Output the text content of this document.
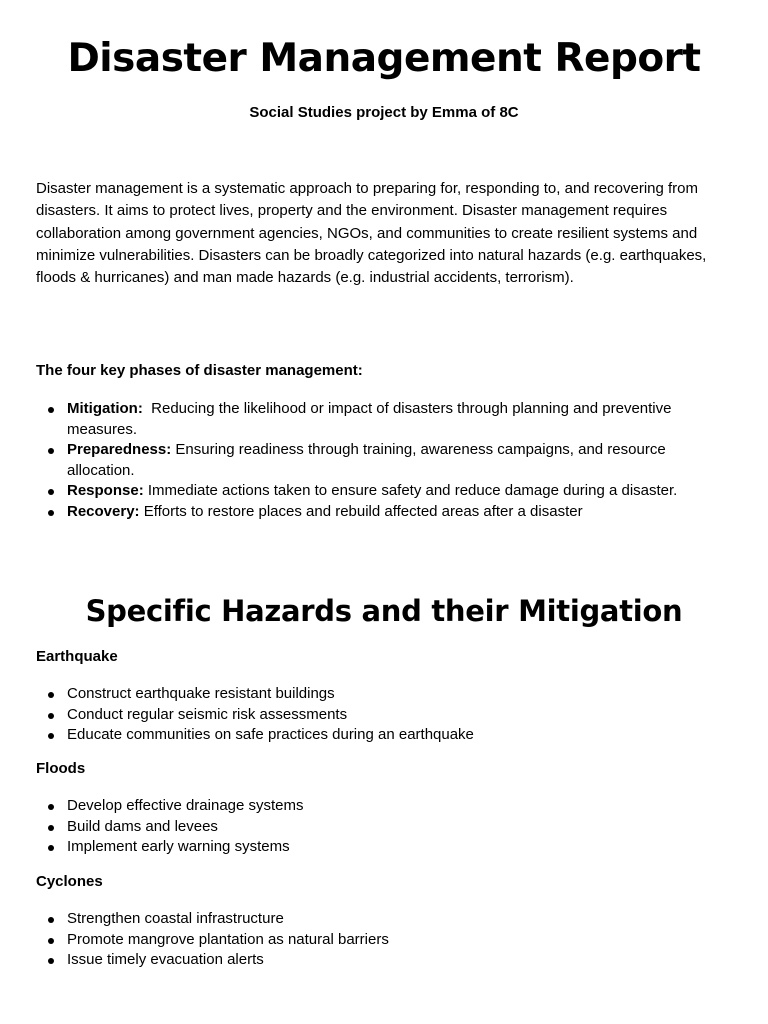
Disaster Management Report

Social Studies project by Emma of 8C

Disaster management is a systematic approach to preparing for, responding to, and recovering from disasters. It aims to protect lives, property and the environment. Disaster management requires collaboration among government agencies, NGOs, and communities to create resilient systems and minimize vulnerabilities. Disasters can be broadly categorized into natural hazards (e.g. earthquakes, floods & hurricanes) and man made hazards (e.g. industrial accidents, terrorism).

The four key phases of disaster management:

Mitigation:  Reducing the likelihood or impact of disasters through planning and preventive measures.
Preparedness: Ensuring readiness through training, awareness campaigns, and resource allocation.
Response: Immediate actions taken to ensure safety and reduce damage during a disaster.
Recovery: Efforts to restore places and rebuild affected areas after a disaster
Specific Hazards and their Mitigation

Earthquake

Construct earthquake resistant buildings
Conduct regular seismic risk assessments
Educate communities on safe practices during an earthquake

Floods

Develop effective drainage systems
Build dams and levees
Implement early warning systems

Cyclones

Strengthen coastal infrastructure
Promote mangrove plantation as natural barriers
Issue timely evacuation alerts
